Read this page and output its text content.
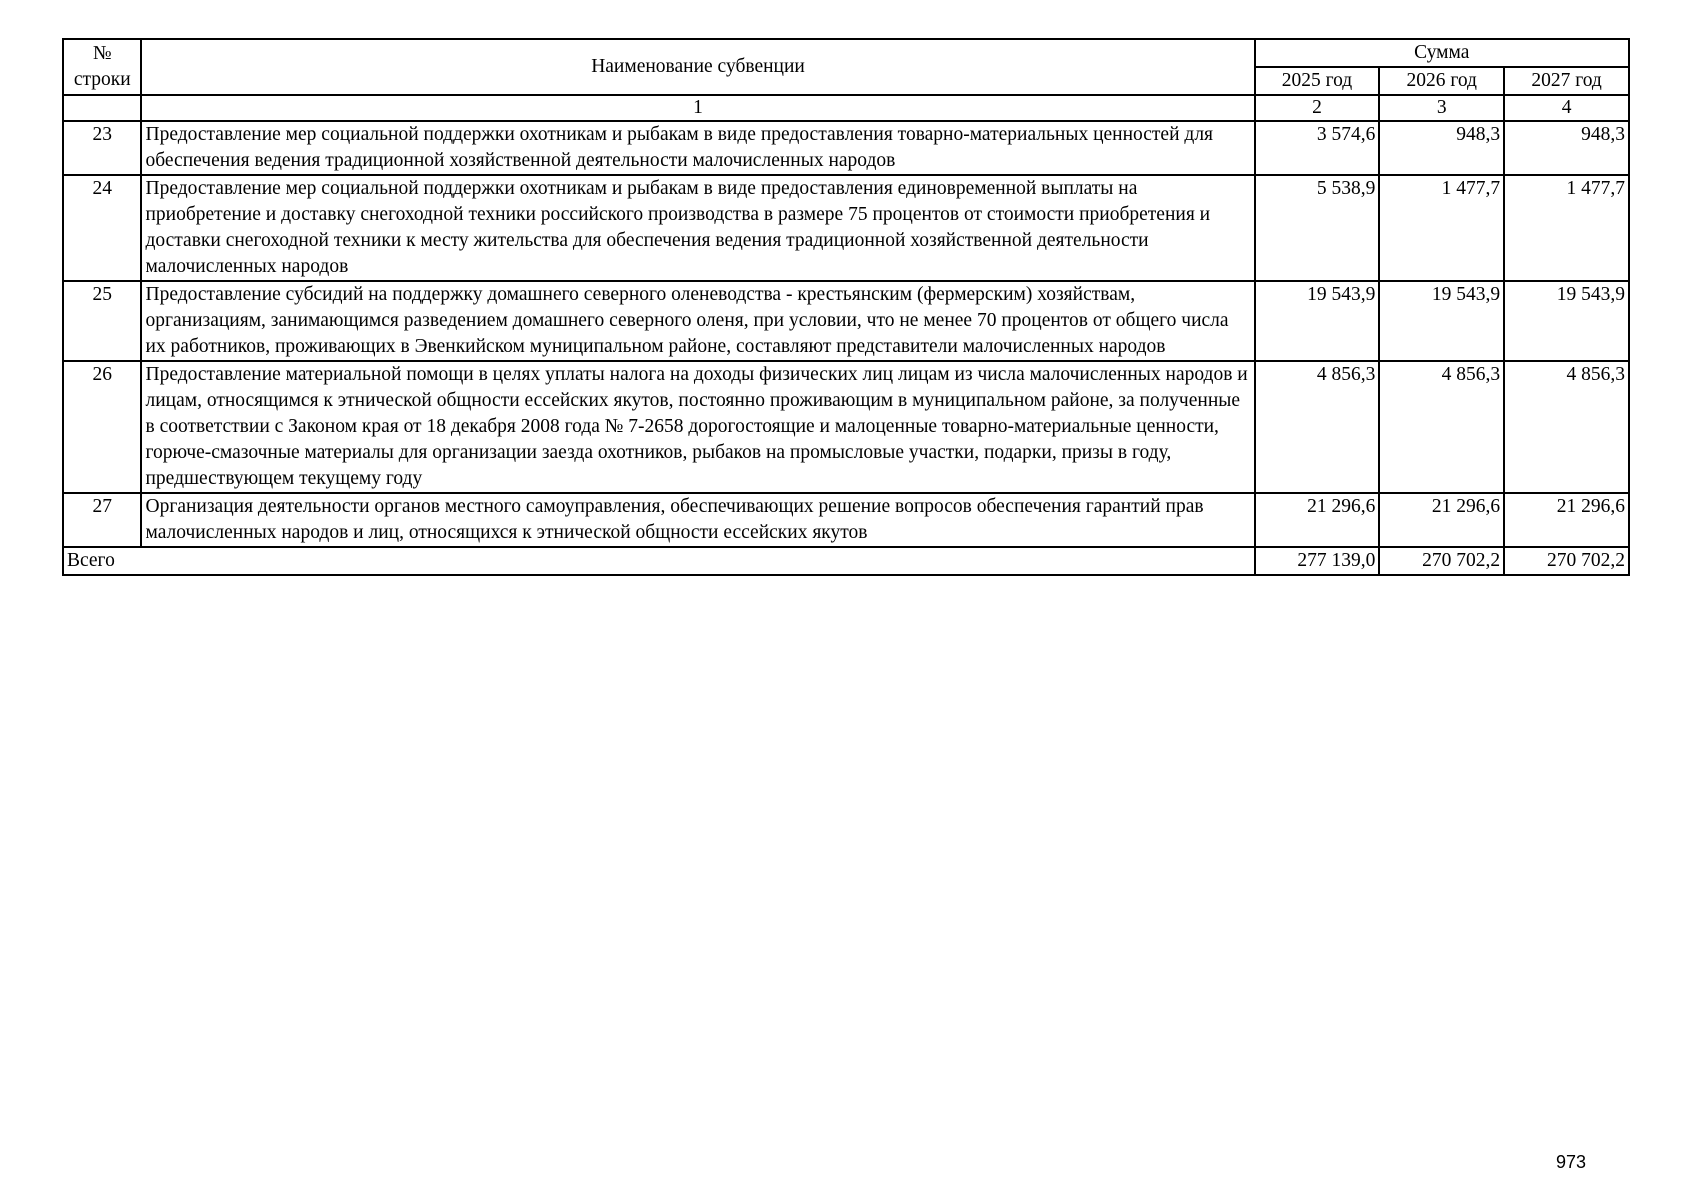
№ строки	Наименование субвенции	Сумма		
		2025 год	2026 год	2027 год
	1	2	3	4
23	Предоставление мер социальной поддержки охотникам и рыбакам в виде предоставления товарно-материальных ценностей для обеспечения ведения традиционной хозяйственной деятельности малочисленных народов	3 574,6	948,3	948,3
24	Предоставление мер социальной поддержки охотникам и рыбакам в виде предоставления единовременной выплаты на приобретение и доставку снегоходной техники российского производства в размере 75 процентов от стоимости приобретения и доставки снегоходной техники к месту жительства для обеспечения ведения традиционной хозяйственной деятельности малочисленных народов	5 538,9	1 477,7	1 477,7
25	Предоставление субсидий на поддержку домашнего северного оленеводства - крестьянским (фермерским) хозяйствам, организациям, занимающимся разведением домашнего северного оленя, при условии, что не менее 70 процентов от общего числа их работников, проживающих в Эвенкийском муниципальном районе, составляют представители малочисленных народов	19 543,9	19 543,9	19 543,9
26	Предоставление материальной помощи в целях уплаты налога на доходы физических лиц лицам из числа малочисленных народов и лицам, относящимся к этнической общности ессейских якутов, постоянно проживающим в муниципальном районе, за полученные в соответствии с Законом края от 18 декабря 2008 года № 7-2658 дорогостоящие и малоценные товарно-материальные ценности, горюче-смазочные материалы для организации заезда охотников, рыбаков на промысловые участки, подарки, призы в году, предшествующем текущему году	4 856,3	4 856,3	4 856,3
27	Организация деятельности органов местного самоуправления, обеспечивающих решение вопросов обеспечения гарантий прав малочисленных народов и лиц, относящихся к этнической общности ессейских якутов	21 296,6	21 296,6	21 296,6
Всего		277 139,0	270 702,2	270 702,2
973
